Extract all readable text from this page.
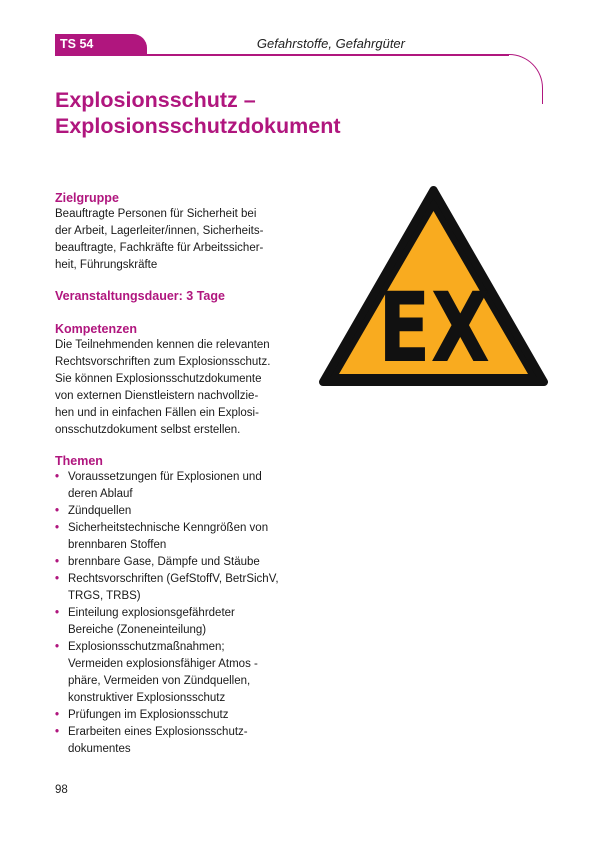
TS 54	Gefahrstoffe, Gefahrgüter
Explosionsschutz –
Explosionsschutzdokument
Zielgruppe
Beauftragte Personen für Sicherheit bei
der Arbeit, Lagerleiter/innen, Sicherheits-
beauftragte, Fachkräfte für Arbeitssicher-
heit, Führungskräfte
Veranstaltungsdauer: 3 Tage
Kompetenzen
Die Teilnehmenden kennen die relevanten
Rechtsvorschriften zum Explosionsschutz.
Sie können Explosionsschutzdokumente
von externen Dienstleistern nachvollzie-
hen und in einfachen Fällen ein Explosi-
onsschutzdokument selbst erstellen.
Themen
• Voraussetzungen für Explosionen und
deren Ablauf
• Zündquellen
• Sicherheitstechnische Kenngrößen von
brennbaren Stoffen
• brennbare Gase, Dämpfe und Stäube
• Rechtsvorschriften (GefStoffV, BetrSichV,
TRGS, TRBS)
• Einteilung explosionsgefährdeter
Bereiche (Zoneneinteilung)
• Explosionsschutzmaßnahmen;
Vermeiden explosionsfähiger Atmos -
phäre, Vermeiden von Zündquellen,
konstruktiver Explosionsschutz
• Prüfungen im Explosionsschutz
• Erarbeiten eines Explosionsschutz-
dokumentes
EX
98
